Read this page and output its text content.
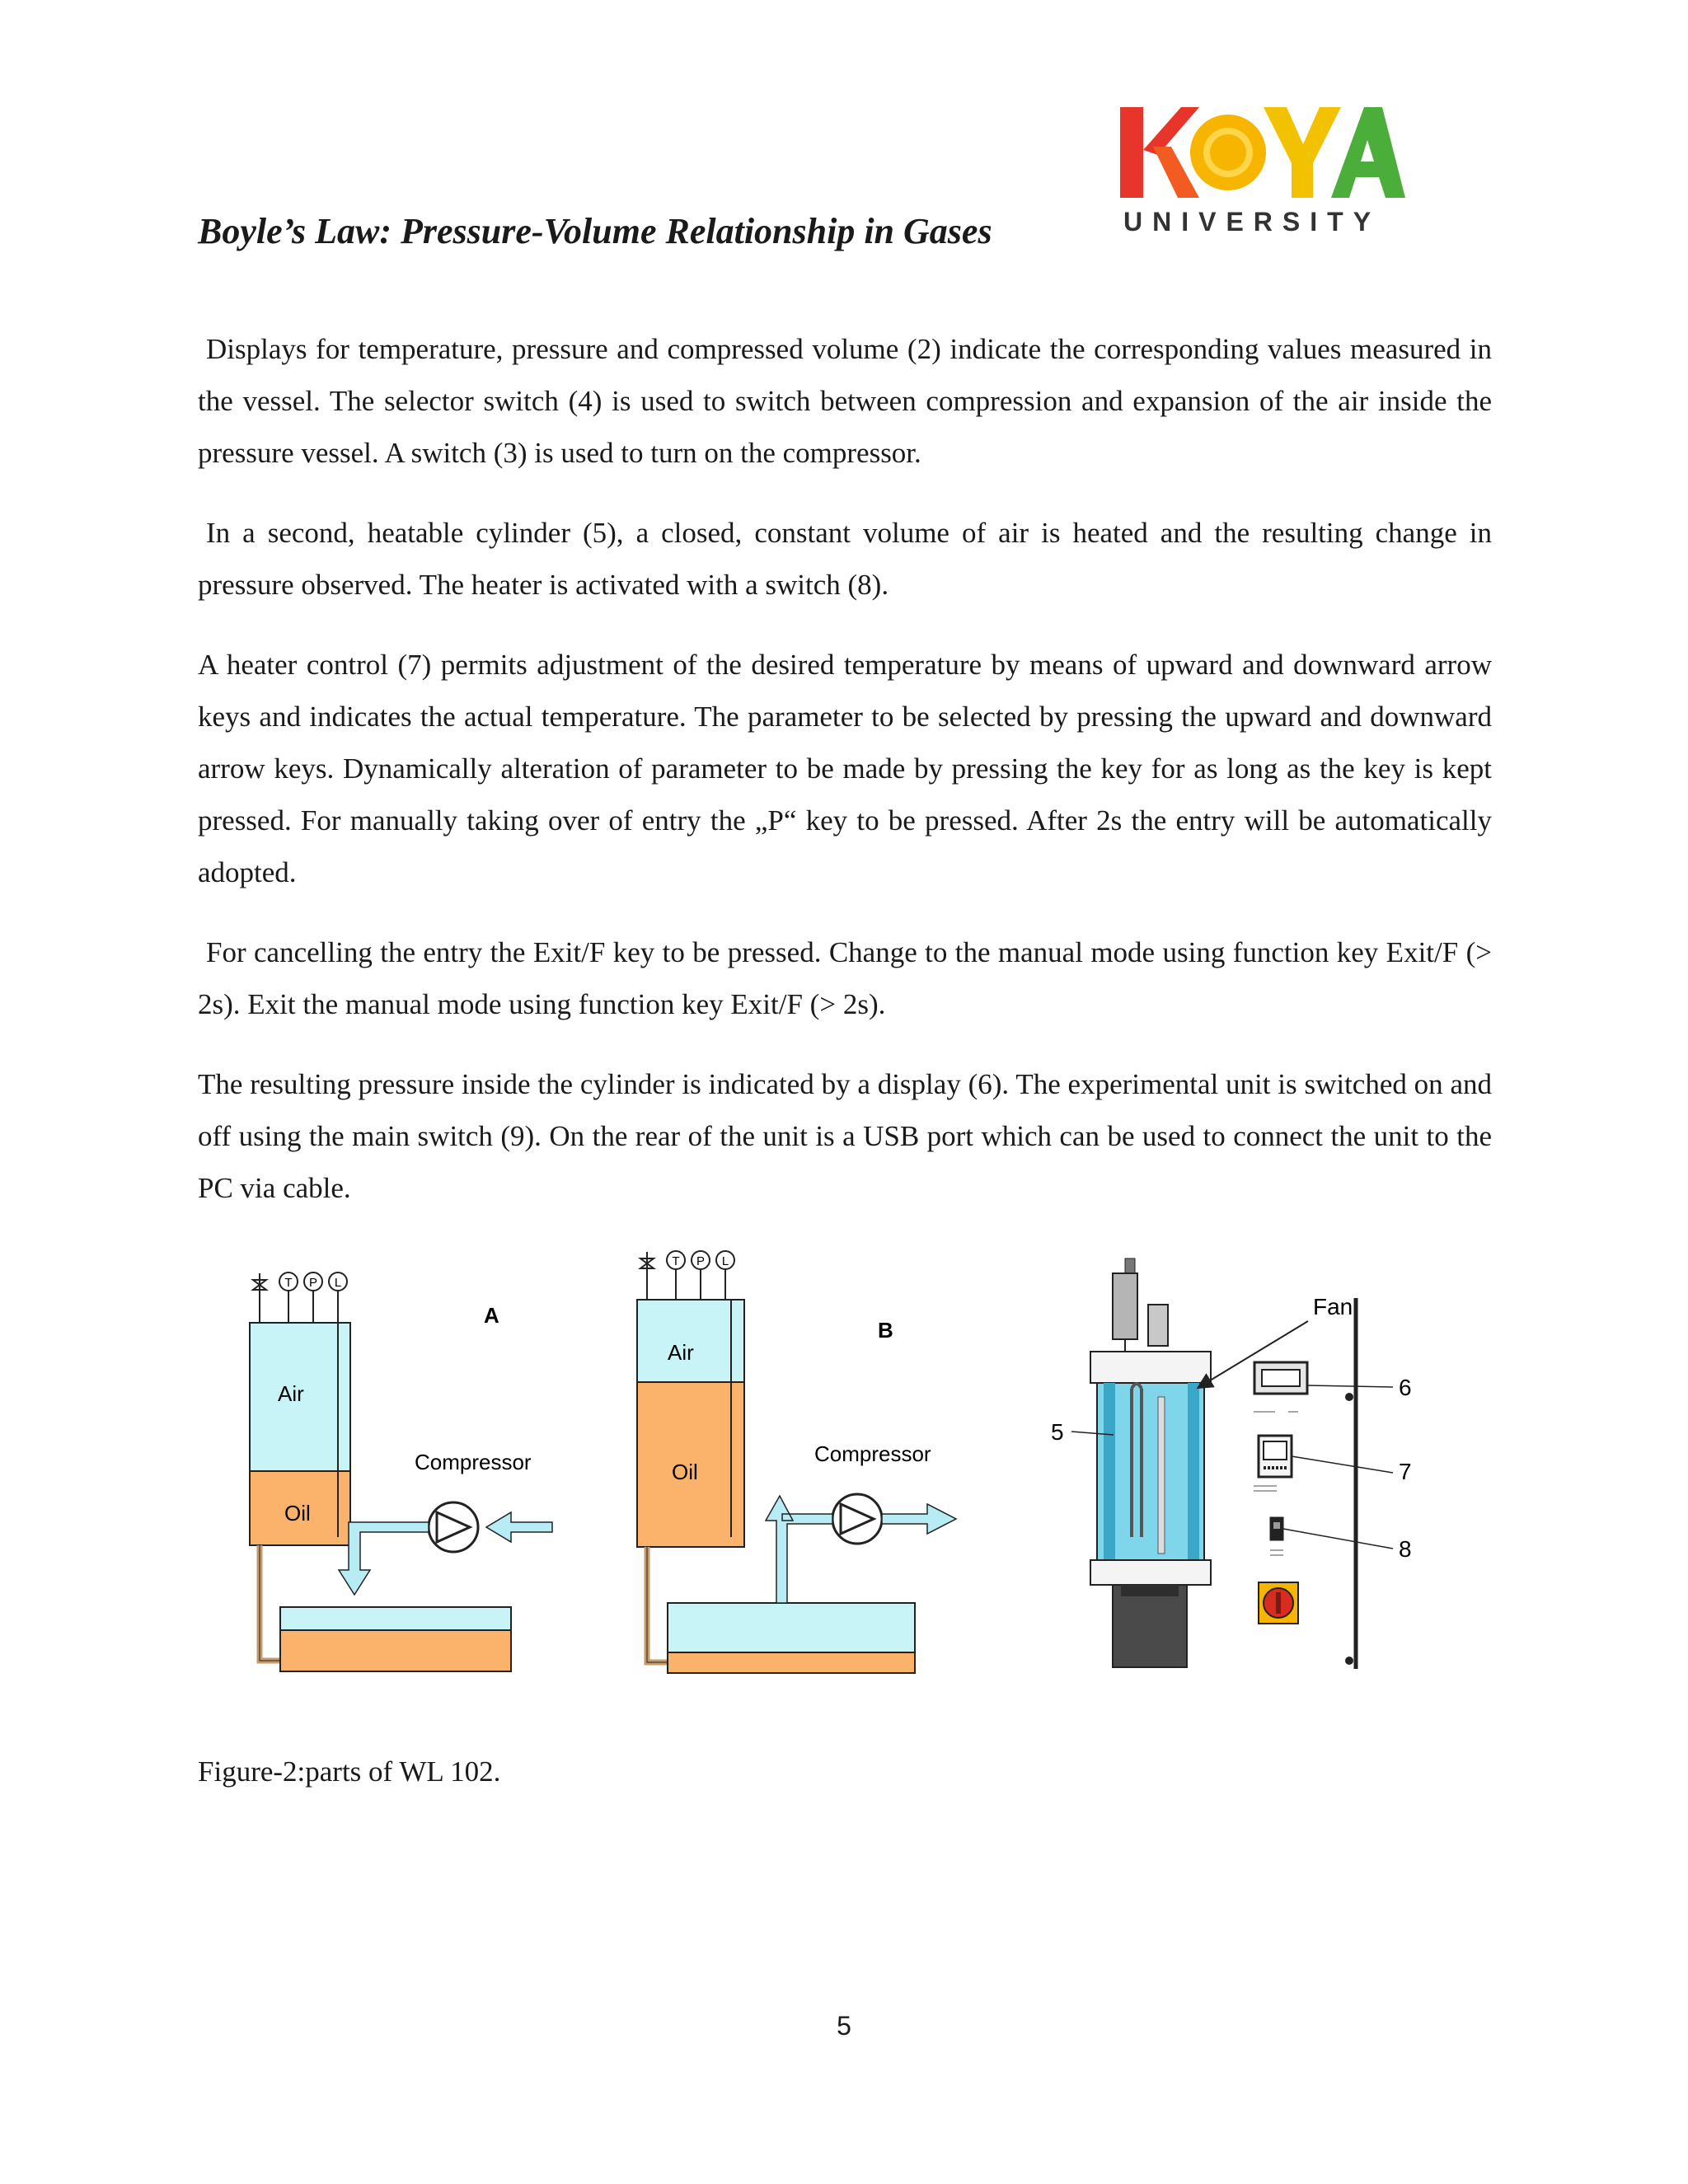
Boyle’s Law: Pressure-Volume Relationship in Gases	UNIVERSITY

Displays for temperature, pressure and compressed volume (2) indicate the corresponding values measured in the vessel. The selector switch (4) is used to switch between compression and expansion of the air inside the pressure vessel. A switch (3) is used to turn on the compressor.

In a second, heatable cylinder (5), a closed, constant volume of air is heated and the resulting change in pressure observed. The heater is activated with a switch (8).

A heater control (7) permits adjustment of the desired temperature by means of upward and downward arrow keys and indicates the actual temperature. The parameter to be selected by pressing the upward and downward arrow keys. Dynamically alteration of parameter to be made by pressing the key for as long as the key is kept pressed. For manually taking over of entry the „P“ key to be pressed. After 2s the entry will be automatically adopted.

For cancelling the entry the Exit/F key to be pressed. Change to the manual mode using function key Exit/F (> 2s). Exit the manual mode using function key Exit/F (> 2s).

The resulting pressure inside the cylinder is indicated by a display (6). The experimental unit is switched on and off using the main switch (9). On the rear of the unit is a USB port which can be used to connect the unit to the PC via cable.

T P L
Air
Oil
A
Compressor
T P L
Air
Oil
B
Compressor
Fan
5
6
7
8
Figure-2:parts of WL 102.
5
